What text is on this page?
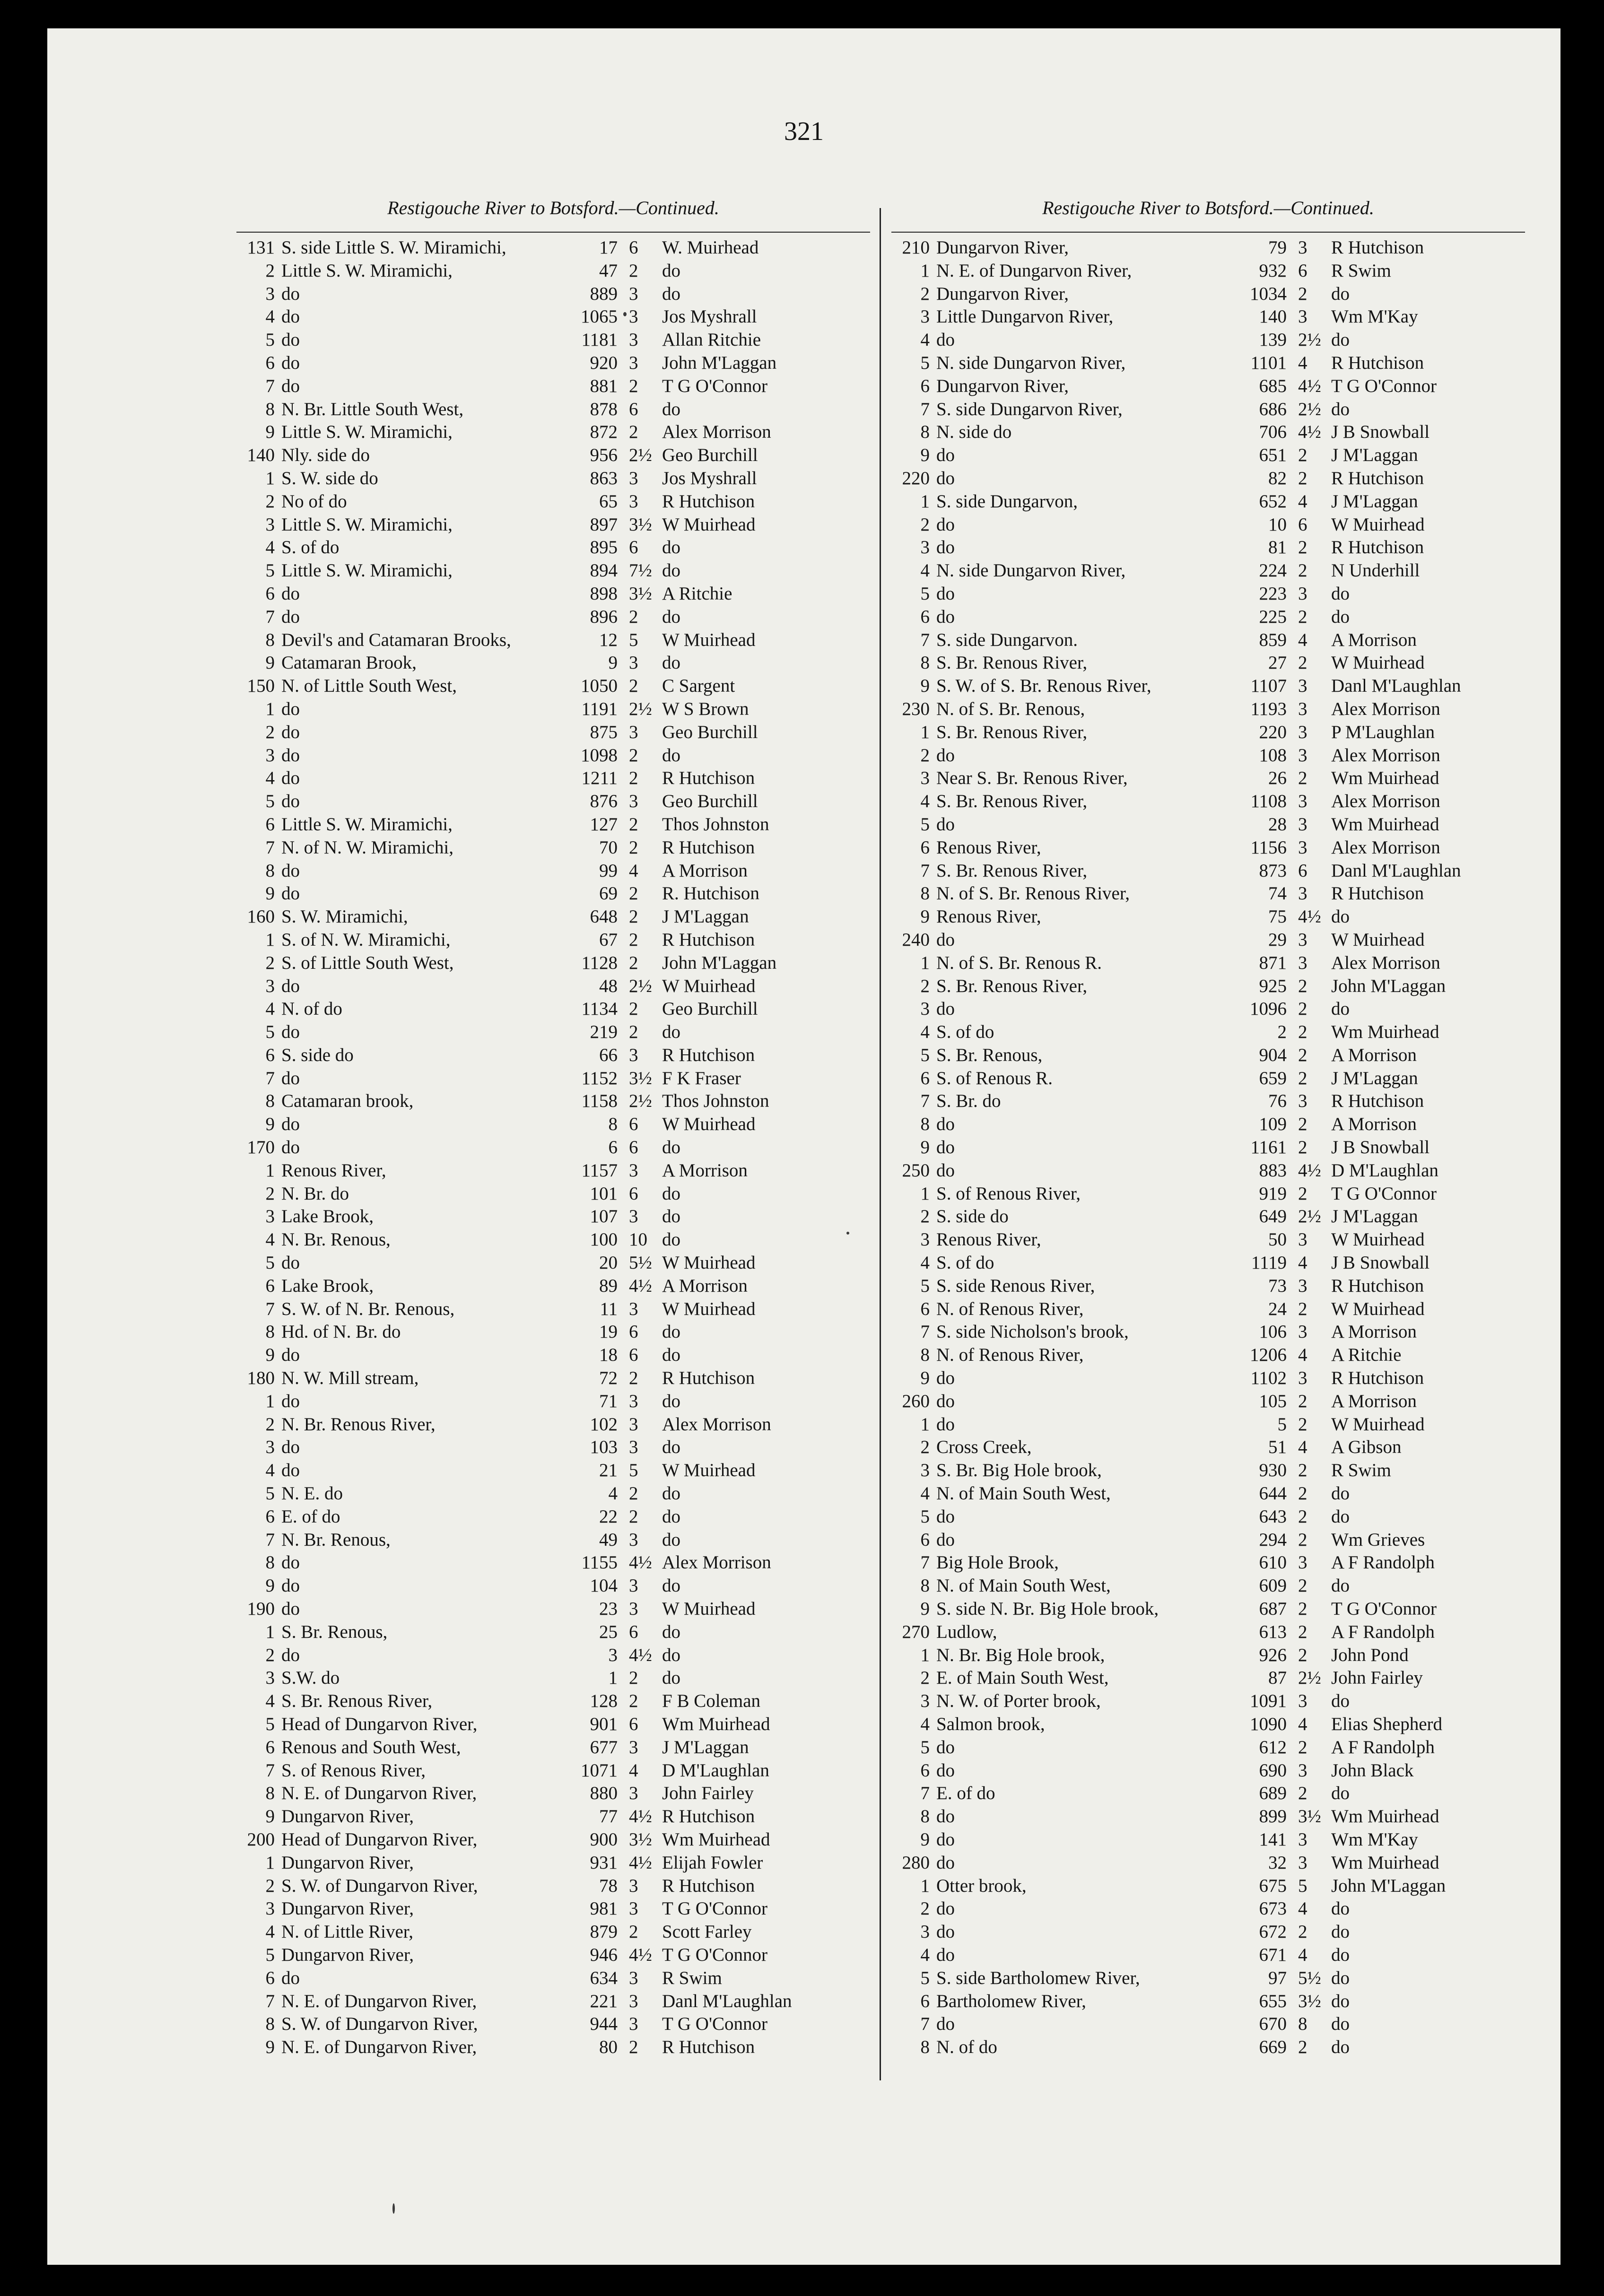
321
Restigouche River to Botsford.—Continued.
131 S. side Little S. W. Miramichi,	17 6	W. Muirhead
2 Little S. W. Miramichi,	47 2	do
3 do	889 3	do
4 do	1065 3	Jos Myshrall
5 do	1181 3	Allan Ritchie
6 do	920 3	John M'Laggan
7 do	881 2	T G O'Connor
8 N. Br. Little South West,	878 6	do
9 Little S. W. Miramichi,	872 2	Alex Morrison
140 Nly. side do	956 2½ Geo Burchill
1 S. W. side do	863 3	Jos Myshrall
2 No of do	65 3	R Hutchison
3 Little S. W. Miramichi,	897 3½ W Muirhead
4 S. of do	895 6	do
5 Little S. W. Miramichi,	894 7½ do
6 do	898 3½ A Ritchie
7 do	896 2	do
8 Devil's and Catamaran Brooks,	12 5	W Muirhead
9 Catamaran Brook,	9 3	do
150 N. of Little South West,	1050 2	C Sargent
1 do	1191 2½ W S Brown
2 do	875 3	Geo Burchill
3 do	1098 2	do
4 do	1211 2	R Hutchison
5 do	876 3	Geo Burchill
6 Little S. W. Miramichi,	127 2	Thos Johnston
7 N. of N. W. Miramichi,	70 2	R Hutchison
8 do	99 4	A Morrison
9 do	69 2	R. Hutchison
160 S. W. Miramichi,	648 2	J M'Laggan
1 S. of N. W. Miramichi,	67 2	R Hutchison
2 S. of Little South West,	1128 2	John M'Laggan
3 do	48 2½ W Muirhead
4 N. of do	1134 2	Geo Burchill
5 do	219 2	do
6 S. side do	66 3	R Hutchison
7 do	1152 3½ F K Fraser
8 Catamaran brook,	1158 2½ Thos Johnston
9 do	8 6	W Muirhead
170 do	6 6	do
1 Renous River,	1157 3	A Morrison
2 N. Br. do	101 6	do
3 Lake Brook,	107 3	do
4 N. Br. Renous,	100 10 do
5 do	20 5½ W Muirhead
6 Lake Brook,	89 4½ A Morrison
7 S. W. of N. Br. Renous,	11 3	W Muirhead
8 Hd. of N. Br. do	19 6	do
9 do	18 6	do
180 N. W. Mill stream,	72 2	R Hutchison
1 do	71 3	do
2 N. Br. Renous River,	102 3	Alex Morrison
3 do	103 3	do
4 do	21 5	W Muirhead
5 N. E. do	4 2	do
6 E. of do	22 2	do
7 N. Br. Renous,	49 3	do
8 do	1155 4½ Alex Morrison
9 do	104 3	do
190 do	23 3	W Muirhead
1 S. Br. Renous,	25 6	do
2 do	3 4½ do
3 S.W. do	1 2	do
4 S. Br. Renous River,	128 2	F B Coleman
5 Head of Dungarvon River,	901 6	Wm Muirhead
6 Renous and South West,	677 3	J M'Laggan
7 S. of Renous River,	1071 4	D M'Laughlan
8 N. E. of Dungarvon River,	880 3	John Fairley
9 Dungarvon River,	77 4½ R Hutchison
200 Head of Dungarvon River,	900 3½ Wm Muirhead
1 Dungarvon River,	931 4½ Elijah Fowler
2 S. W. of Dungarvon River,	78 3	R Hutchison
3 Dungarvon River,	981 3	T G O'Connor
4 N. of Little River,	879 2	Scott Farley
5 Dungarvon River,	946 4½ T G O'Connor
6 do	634 3	R Swim
7 N. E. of Dungarvon River,	221 3	Danl M'Laughlan
8 S. W. of Dungarvon River,	944 3	T G O'Connor
9 N. E. of Dungarvon River,	80 2	R Hutchison
Restigouche River to Botsford.—Continued.
210 Dungarvon River,	79 3	R Hutchison
1 N. E. of Dungarvon River,	932 6	R Swim
2 Dungarvon River,	1034 2	do
3 Little Dungarvon River,	140 3	Wm M'Kay
4 do	139 2½ do
5 N. side Dungarvon River,	1101 4	R Hutchison
6 Dungarvon River,	685 4½ T G O'Connor
7 S. side Dungarvon River,	686 2½ do
8 N. side do	706 4½ J B Snowball
9 do	651 2	J M'Laggan
220 do	82 2	R Hutchison
1 S. side Dungarvon,	652 4	J M'Laggan
2 do	10 6	W Muirhead
3 do	81 2	R Hutchison
4 N. side Dungarvon River,	224 2	N Underhill
5 do	223 3	do
6 do	225 2	do
7 S. side Dungarvon.	859 4	A Morrison
8 S. Br. Renous River,	27 2	W Muirhead
9 S. W. of S. Br. Renous River,	1107 3	Danl M'Laughlan
230 N. of S. Br. Renous,	1193 3	Alex Morrison
1 S. Br. Renous River,	220 3	P M'Laughlan
2 do	108 3	Alex Morrison
3 Near S. Br. Renous River,	26 2	Wm Muirhead
4 S. Br. Renous River,	1108 3	Alex Morrison
5 do	28 3	Wm Muirhead
6 Renous River,	1156 3	Alex Morrison
7 S. Br. Renous River,	873 6	Danl M'Laughlan
8 N. of S. Br. Renous River,	74 3	R Hutchison
9 Renous River,	75 4½ do
240 do	29 3	W Muirhead
1 N. of S. Br. Renous R.	871 3	Alex Morrison
2 S. Br. Renous River,	925 2	John M'Laggan
3 do	1096 2	do
4 S. of do	2 2	Wm Muirhead
5 S. Br. Renous,	904 2	A Morrison
6 S. of Renous R.	659 2	J M'Laggan
7 S. Br. do	76 3	R Hutchison
8 do	109 2	A Morrison
9 do	1161 2	J B Snowball
250 do	883 4½ D M'Laughlan
1 S. of Renous River,	919 2	T G O'Connor
2 S. side do	649 2½ J M'Laggan
3 Renous River,	50 3	W Muirhead
4 S. of do	1119 4	J B Snowball
5 S. side Renous River,	73 3	R Hutchison
6 N. of Renous River,	24 2	W Muirhead
7 S. side Nicholson's brook,	106 3	A Morrison
8 N. of Renous River,	1206 4	A Ritchie
9 do	1102 3	R Hutchison
260 do	105 2	A Morrison
1 do	5 2	W Muirhead
2 Cross Creek,	51 4	A Gibson
3 S. Br. Big Hole brook,	930 2	R Swim
4 N. of Main South West,	644 2	do
5 do	643 2	do
6 do	294 2	Wm Grieves
7 Big Hole Brook,	610 3	A F Randolph
8 N. of Main South West,	609 2	do
9 S. side N. Br. Big Hole brook,	687 2	T G O'Connor
270 Ludlow,	613 2	A F Randolph
1 N. Br. Big Hole brook,	926 2	John Pond
2 E. of Main South West,	87 2½ John Fairley
3 N. W. of Porter brook,	1091 3	do
4 Salmon brook,	1090 4	Elias Shepherd
5 do	612 2	A F Randolph
6 do	690 3	John Black
7 E. of do	689 2	do
8 do	899 3½ Wm Muirhead
9 do	141 3	Wm M'Kay
280 do	32 3	Wm Muirhead
1 Otter brook,	675 5	John M'Laggan
2 do	673 4	do
3 do	672 2	do
4 do	671 4	do
5 S. side Bartholomew River,	97 5½ do
6 Bartholomew River,	655 3½ do
7 do	670 8	do
8 N. of do	669 2	do
